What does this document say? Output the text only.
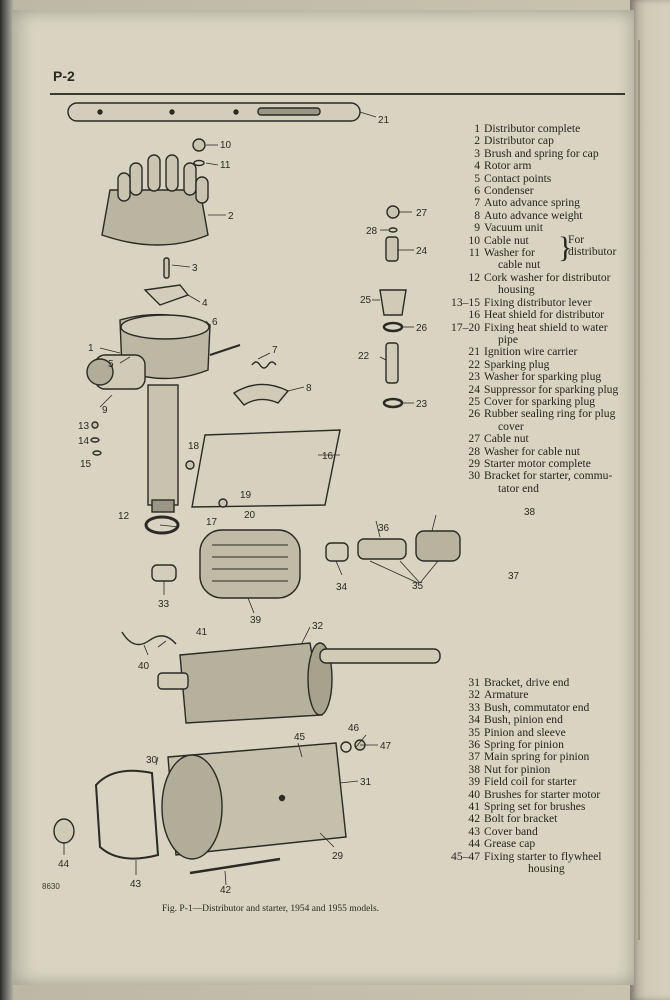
P-2
21
10
11
2
3
4
6
1
5
7
8
9
13
14
15
18
16
17
19
20
12
27
28
24
25
26
22
23
36
38
35
34
37
33
39
41
40
32
46
45
47
30
31
44
43
42
29
8630
1 Distributor complete
2 Distributor cap
3 Brush and spring for cap
4 Rotor arm
5 Contact points
6 Condenser
7 Auto advance spring
8 Auto advance weight
9 Vacuum unit
10 Cable nut
11 Washer for
cable nut
12 Cork washer for distributor
housing
13–15 Fixing distributor lever
16 Heat shield for distributor
17–20 Fixing heat shield to water
pipe
21 Ignition wire carrier
22 Sparking plug
23 Washer for sparking plug
24 Suppressor for sparking plug
25 Cover for sparking plug
26 Rubber sealing ring for plug
cover
27 Cable nut
28 Washer for cable nut
29 Starter motor complete
30 Bracket for starter, commu-
tator end
}
For
distributor
31 Bracket, drive end
32 Armature
33 Bush, commutator end
34 Bush, pinion end
35 Pinion and sleeve
36 Spring for pinion
37 Main spring for pinion
38 Nut for pinion
39 Field coil for starter
40 Brushes for starter motor
41 Spring set for brushes
42 Bolt for bracket
43 Cover band
44 Grease cap
45–47 Fixing starter to flywheel
housing
Fig. P-1—Distributor and starter, 1954 and 1955 models.
